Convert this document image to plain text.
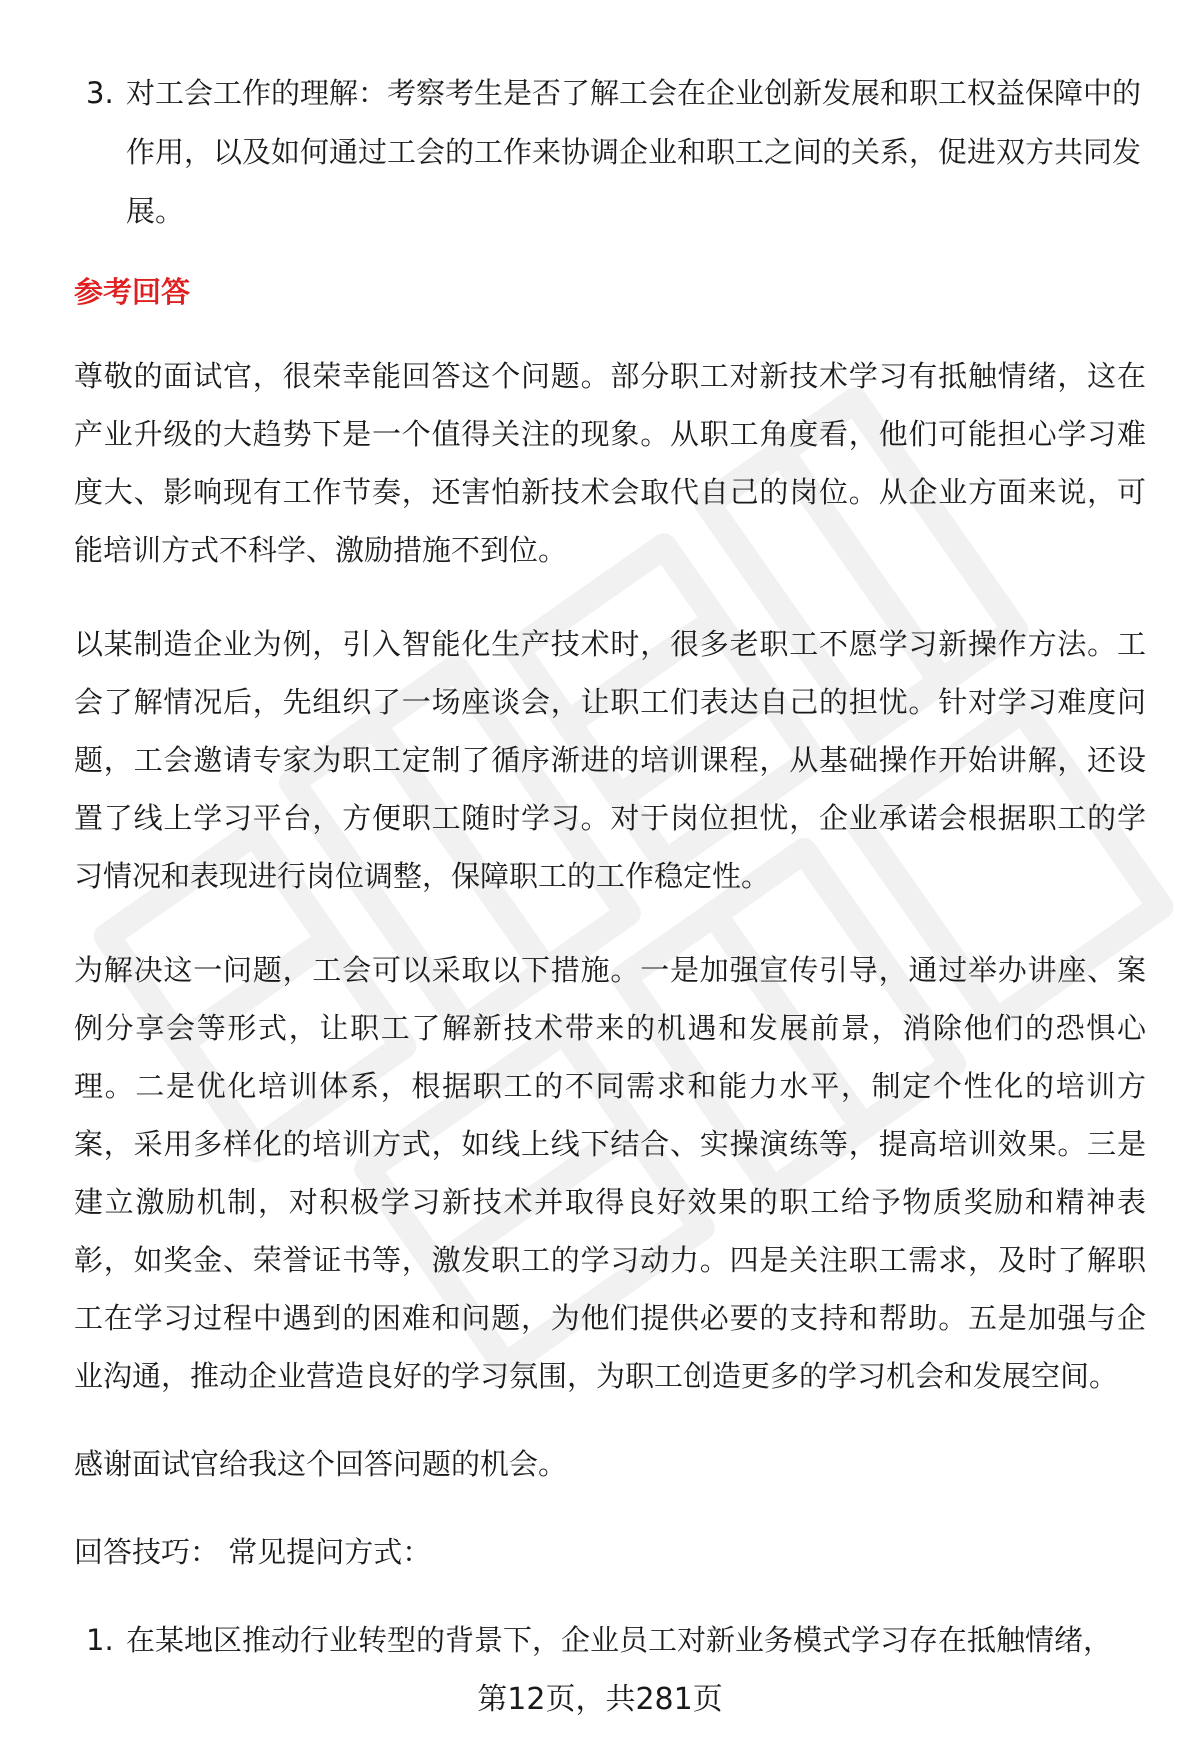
3. 对工会工作的理解：考察考生是否了解工会在企业创新发展和职工权益保障中的作用，以及如何通过工会的工作来协调企业和职工之间的关系，促进双方共同发展。
参考回答

尊敬的面试官，很荣幸能回答这个问题。部分职工对新技术学习有抵触情绪，这在产业升级的大趋势下是一个值得关注的现象。从职工角度看，他们可能担心学习难度大、影响现有工作节奏，还害怕新技术会取代自己的岗位。从企业方面来说，可能培训方式不科学、激励措施不到位。

以某制造企业为例，引入智能化生产技术时，很多老职工不愿学习新操作方法。工会了解情况后，先组织了一场座谈会，让职工们表达自己的担忧。针对学习难度问题，工会邀请专家为职工定制了循序渐进的培训课程，从基础操作开始讲解，还设置了线上学习平台，方便职工随时学习。对于岗位担忧，企业承诺会根据职工的学习情况和表现进行岗位调整，保障职工的工作稳定性。

为解决这一问题，工会可以采取以下措施。一是加强宣传引导，通过举办讲座、案例分享会等形式，让职工了解新技术带来的机遇和发展前景，消除他们的恐惧心理。二是优化培训体系，根据职工的不同需求和能力水平，制定个性化的培训方案，采用多样化的培训方式，如线上线下结合、实操演练等，提高培训效果。三是建立激励机制，对积极学习新技术并取得良好效果的职工给予物质奖励和精神表彰，如奖金、荣誉证书等，激发职工的学习动力。四是关注职工需求，及时了解职工在学习过程中遇到的困难和问题，为他们提供必要的支持和帮助。五是加强与企业沟通，推动企业营造良好的学习氛围，为职工创造更多的学习机会和发展空间。

感谢面试官给我这个回答问题的机会。

回答技巧： 常见提问方式：

1. 在某地区推动行业转型的背景下，企业员工对新业务模式学习存在抵触情绪，
第12页，共281页
